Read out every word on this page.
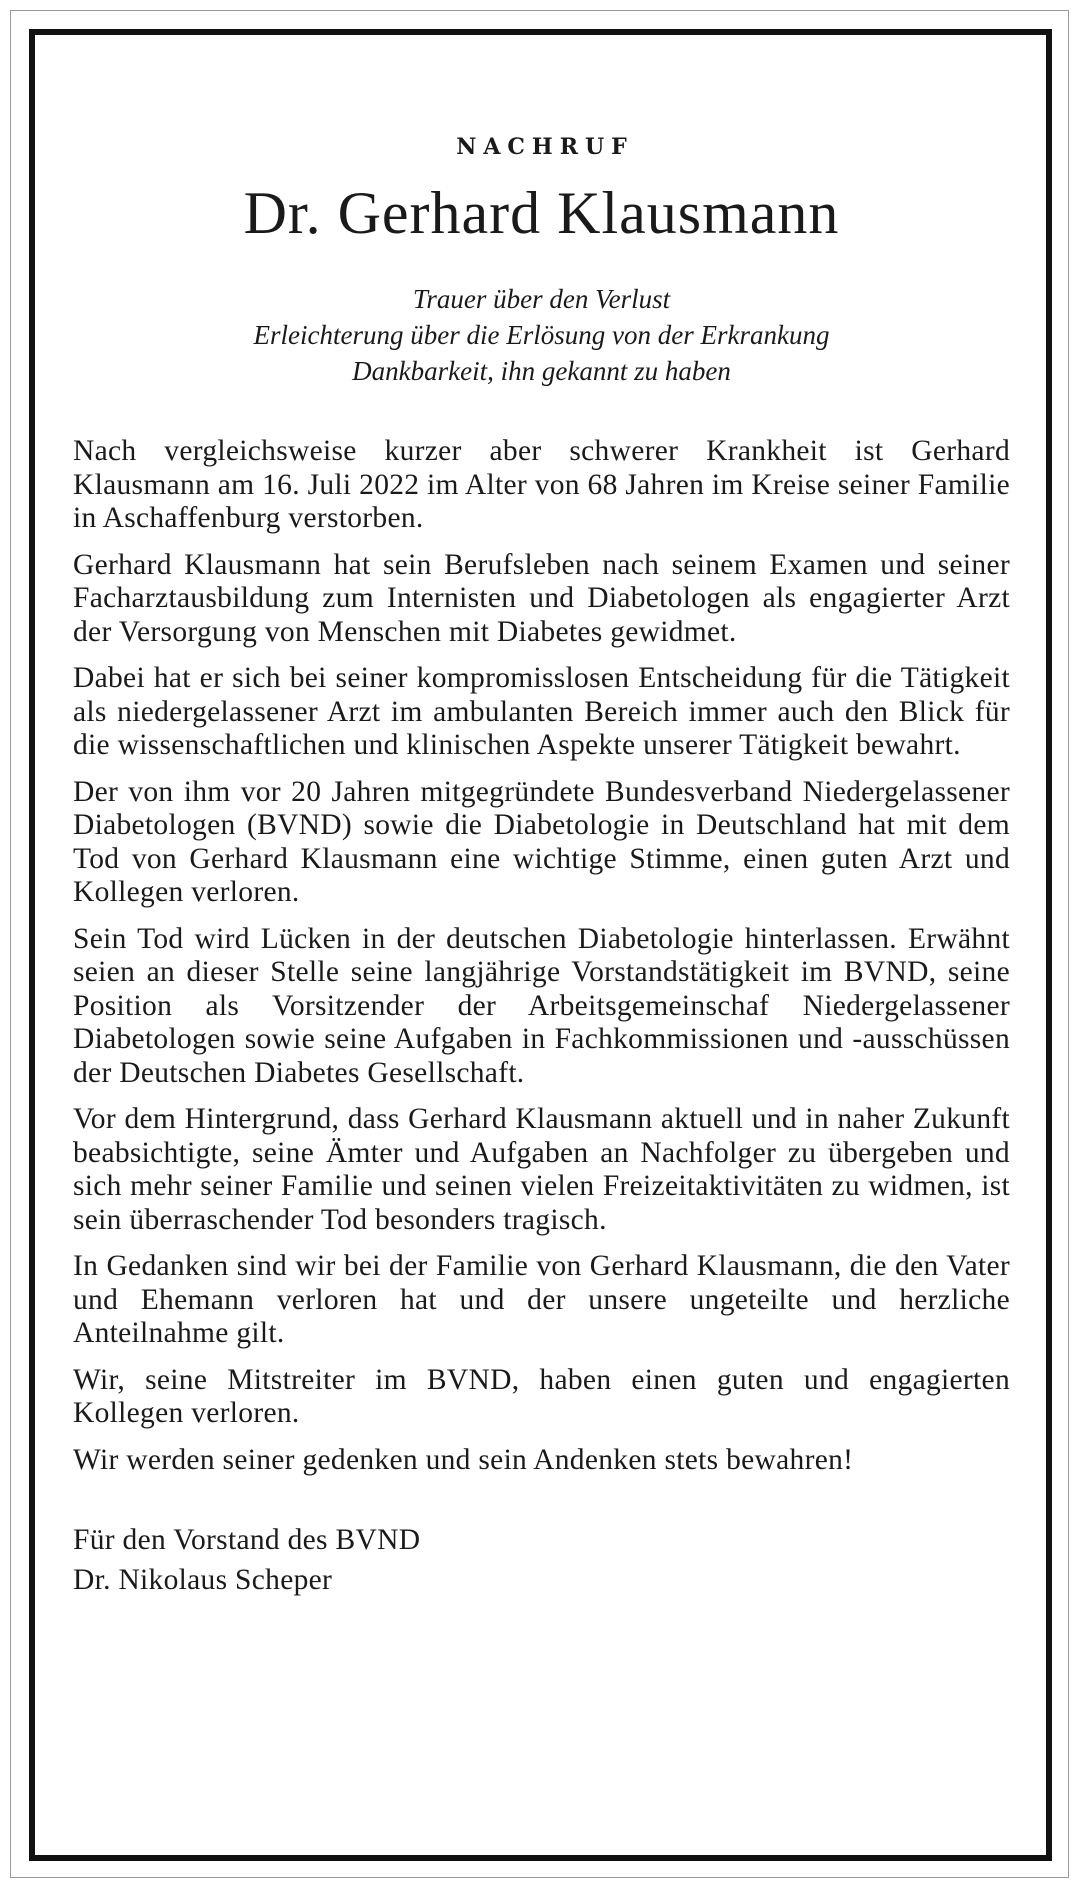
NACHRUF
Dr. Gerhard Klausmann
Trauer über den Verlust
Erleichterung über die Erlösung von der Erkrankung
Dankbarkeit, ihn gekannt zu haben

Nach vergleichsweise kurzer aber schwerer Krankheit ist Gerhard Klausmann am 16. Juli 2022 im Alter von 68 Jahren im Kreise seiner Familie in Aschaffenburg verstorben.

Gerhard Klausmann hat sein Berufsleben nach seinem Examen und seiner Facharztausbildung zum Internisten und Diabetologen als engagierter Arzt der Versorgung von Menschen mit Diabetes gewidmet.

Dabei hat er sich bei seiner kompromisslosen Entscheidung für die Tätigkeit als niedergelassener Arzt im ambulanten Bereich immer auch den Blick für die wissenschaftlichen und klinischen Aspekte unserer Tätigkeit bewahrt.

Der von ihm vor 20 Jahren mitgegründete Bundesverband Niedergelassener Diabetologen (BVND) sowie die Diabetologie in Deutschland hat mit dem Tod von Gerhard Klausmann eine wichtige Stimme, einen guten Arzt und Kollegen verloren.

Sein Tod wird Lücken in der deutschen Diabetologie hinterlassen. Erwähnt seien an dieser Stelle seine langjährige Vorstandstätigkeit im BVND, seine Position als Vorsitzender der Arbeitsgemeinschaf Niedergelassener Diabetologen sowie seine Aufgaben in Fachkommissionen und -ausschüssen der Deutschen Diabetes Gesellschaft.

Vor dem Hintergrund, dass Gerhard Klausmann aktuell und in naher Zukunft beabsichtigte, seine Ämter und Aufgaben an Nachfolger zu übergeben und sich mehr seiner Familie und seinen vielen Freizeitaktivitäten zu widmen, ist sein überraschender Tod besonders tragisch.

In Gedanken sind wir bei der Familie von Gerhard Klausmann, die den Vater und Ehemann verloren hat und der unsere ungeteilte und herzliche Anteilnahme gilt.

Wir, seine Mitstreiter im BVND, haben einen guten und engagierten Kollegen verloren.

Wir werden seiner gedenken und sein Andenken stets bewahren!

Für den Vorstand des BVND
Dr. Nikolaus Scheper
